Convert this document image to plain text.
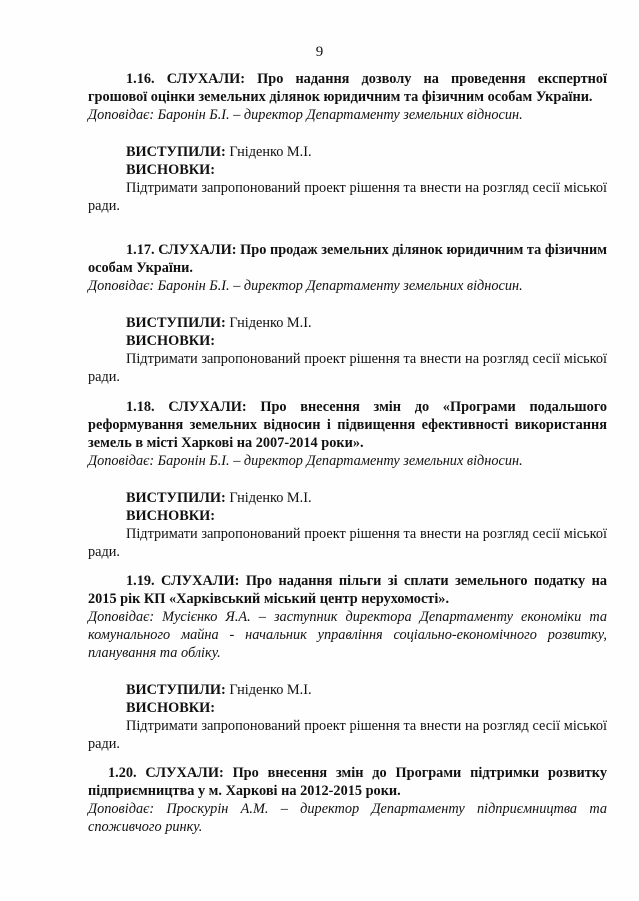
9

1.16. СЛУХАЛИ: Про надання дозволу на проведення експертної грошової оцінки земельних ділянок юридичним та фізичним особам України.

Доповідає: Баронін Б.І. – директор Департаменту земельних відносин.

ВИСТУПИЛИ: Гніденко М.І.
ВИСНОВКИ:

Підтримати запропонований проект рішення та внести на розгляд сесії міської ради.

1.17. СЛУХАЛИ: Про продаж земельних ділянок юридичним та фізичним особам України.

Доповідає: Баронін Б.І. – директор Департаменту земельних відносин.

ВИСТУПИЛИ: Гніденко М.І.
ВИСНОВКИ:

Підтримати запропонований проект рішення та внести на розгляд сесії міської ради.

1.18. СЛУХАЛИ: Про внесення змін до «Програми подальшого реформування земельних відносин і підвищення ефективності використання земель в місті Харкові на 2007-2014 роки».

Доповідає: Баронін Б.І. – директор Департаменту земельних відносин.

ВИСТУПИЛИ: Гніденко М.І.
ВИСНОВКИ:

Підтримати запропонований проект рішення та внести на розгляд сесії міської ради.

1.19. СЛУХАЛИ: Про надання пільги зі сплати земельного податку на 2015 рік КП «Харківський міський центр нерухомості».

Доповідає: Мусієнко Я.А. – заступник директора Департаменту економіки та комунального майна - начальник управління соціально-економічного розвитку, планування та обліку.

ВИСТУПИЛИ: Гніденко М.І.
ВИСНОВКИ:

Підтримати запропонований проект рішення та внести на розгляд сесії міської ради.

1.20. СЛУХАЛИ: Про внесення змін до Програми підтримки розвитку підприємництва у м. Харкові на 2012-2015 роки.

Доповідає: Проскурін А.М. – директор Департаменту підприємництва та споживчого ринку.
